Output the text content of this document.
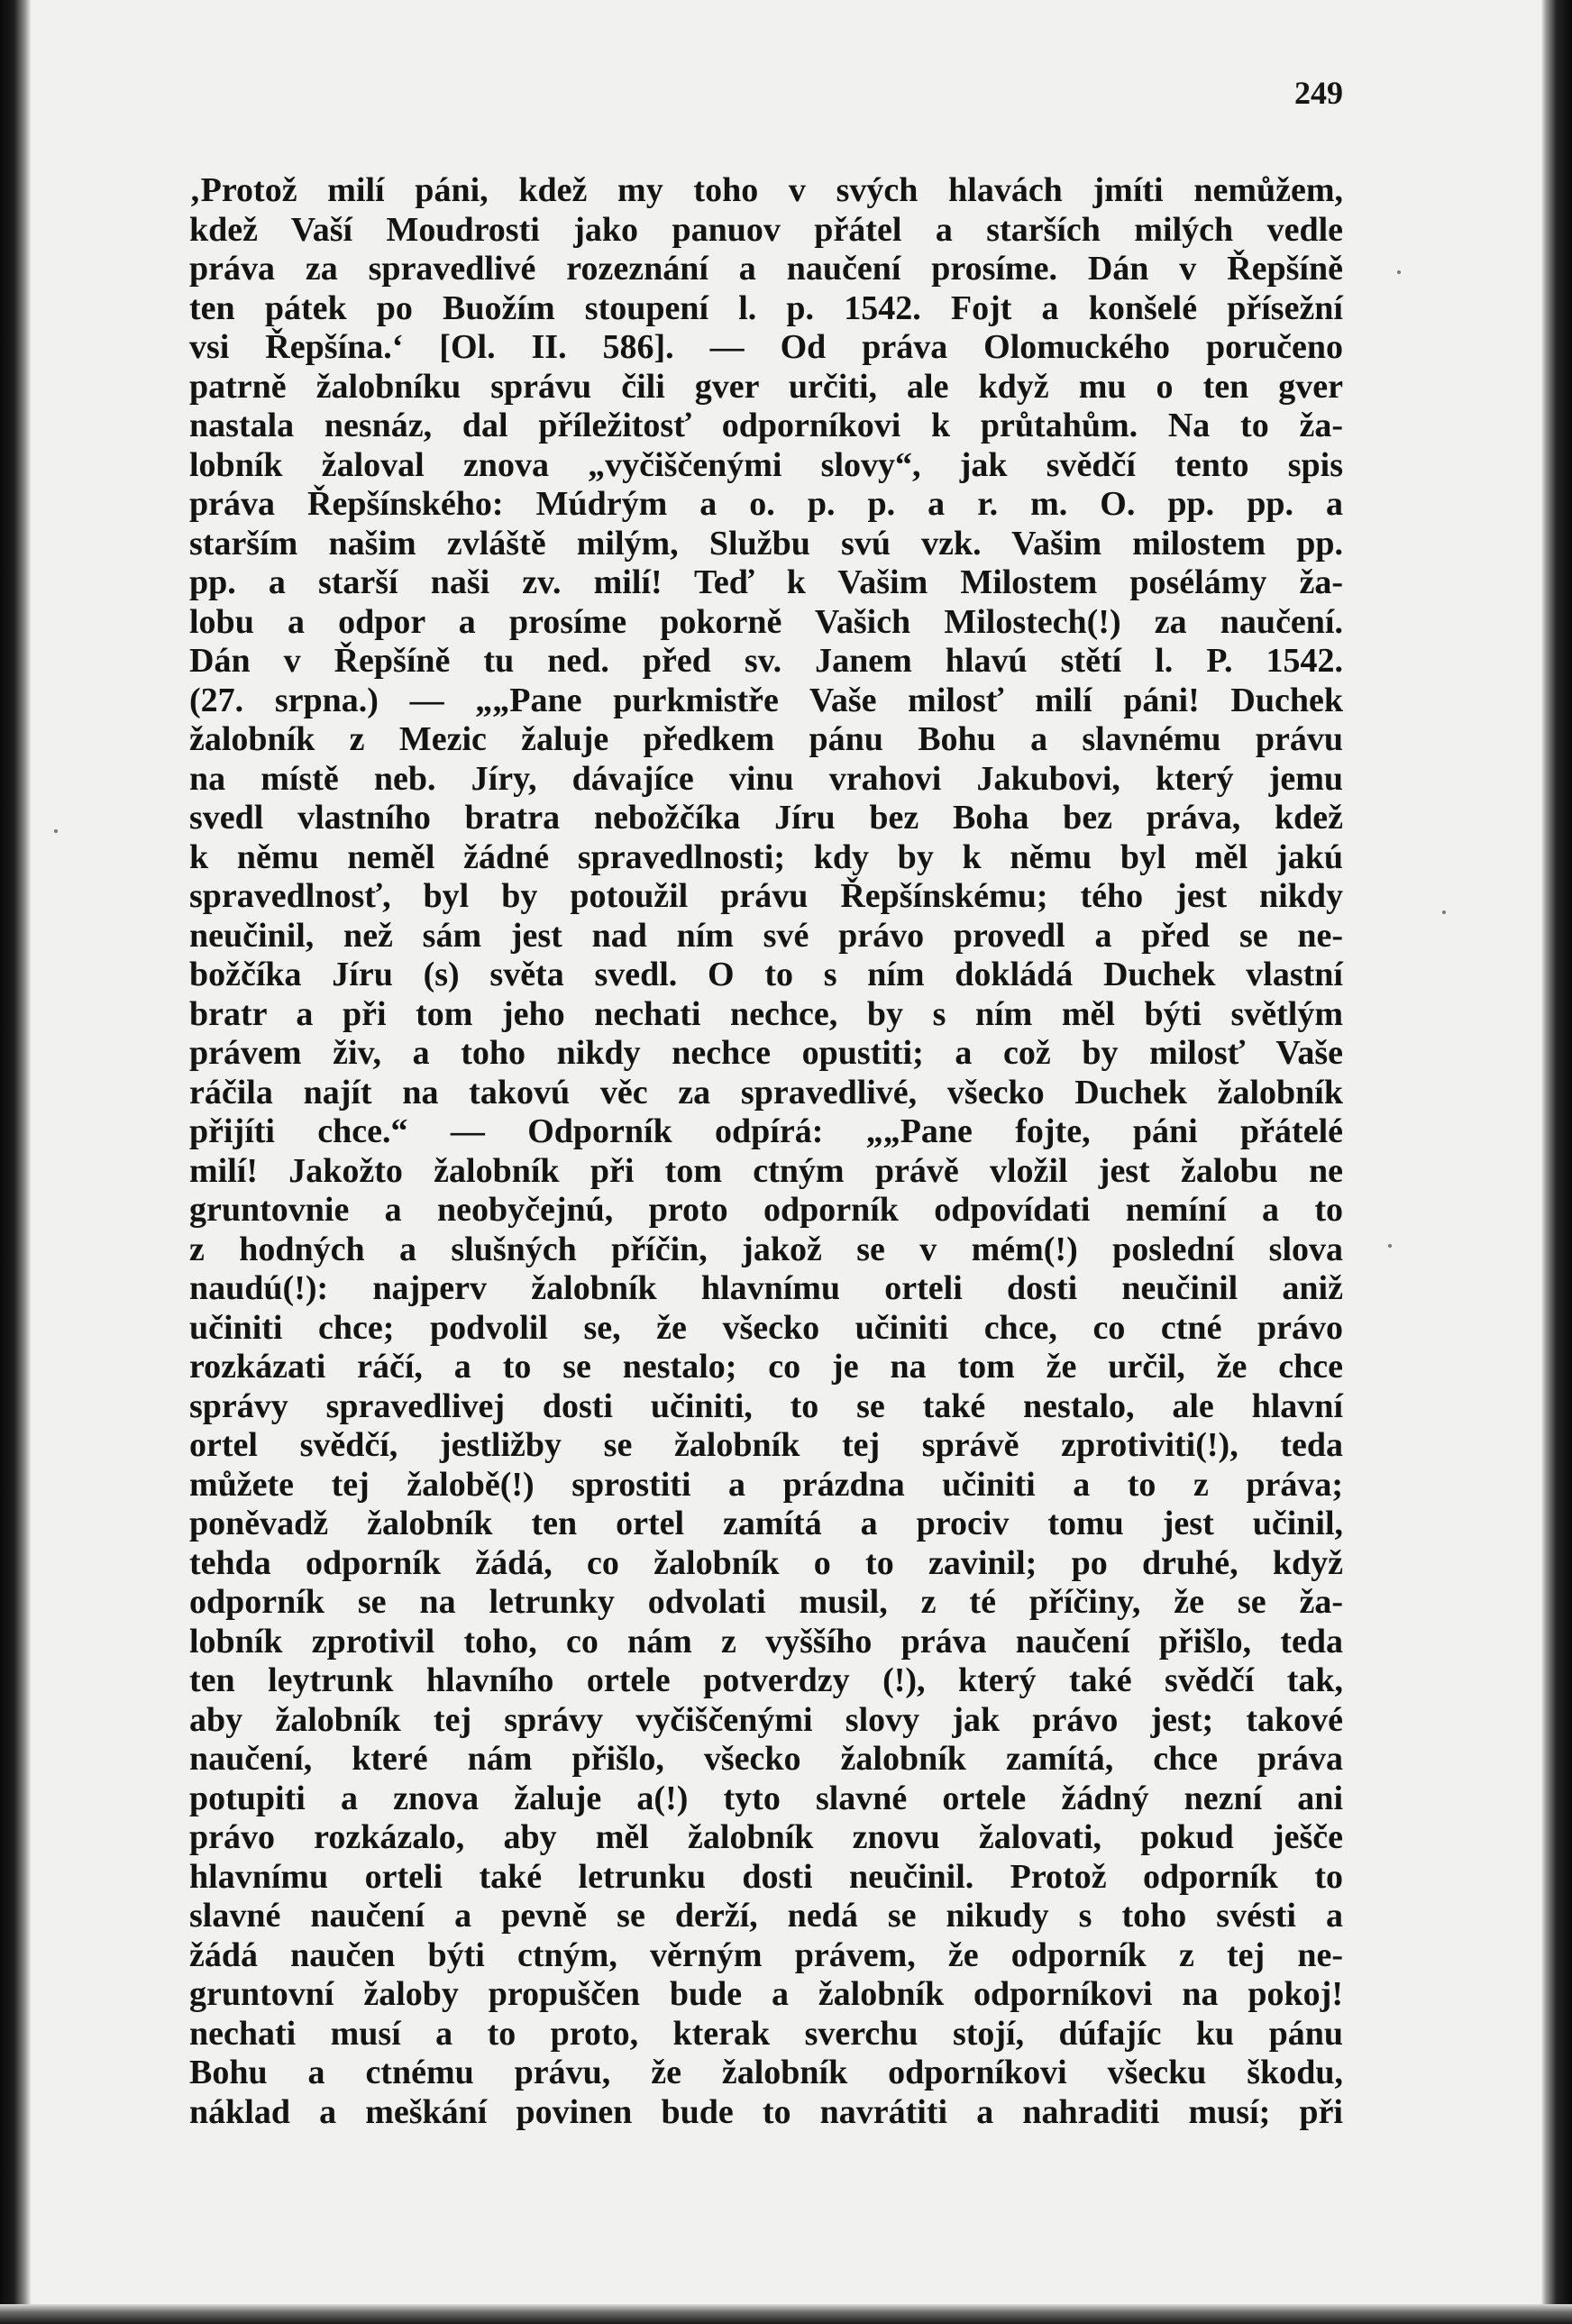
249
‚Protož milí páni, kdež my toho v svých hlavách jmíti nemůžem,
kdež Vaší Moudrosti jako panuov přátel a starších milých vedle
práva za spravedlivé rozeznání a naučení prosíme. Dán v Řepšíně
ten pátek po Buožím stoupení l. p. 1542. Fojt a konšelé přísežní
vsi Řepšína.‘ [Ol. II. 586]. — Od práva Olomuckého poručeno
patrně žalobníku správu čili gver určiti, ale když mu o ten gver
nastala nesnáz, dal příležitosť odporníkovi k průtahům. Na to ža-
lobník žaloval znova „vyčiščenými slovy“, jak svědčí tento spis
práva Řepšínského: Múdrým a o. p. p. a r. m. O. pp. pp. a
starším našim zvláště milým, Službu svú vzk. Vašim milostem pp.
pp. a starší naši zv. milí! Teď k Vašim Milostem posélámy ža-
lobu a odpor a prosíme pokorně Vašich Milostech(!) za naučení.
Dán v Řepšíně tu ned. před sv. Janem hlavú stětí l. P. 1542.
(27. srpna.) — „„Pane purkmistře Vaše milosť milí páni! Duchek
žalobník z Mezic žaluje předkem pánu Bohu a slavnému právu
na místě neb. Jíry, dávajíce vinu vrahovi Jakubovi, který jemu
svedl vlastního bratra nebožčíka Jíru bez Boha bez práva, kdež
k němu neměl žádné spravedlnosti; kdy by k němu byl měl jakú
spravedlnosť, byl by potoužil právu Řepšínskému; tého jest nikdy
neučinil, než sám jest nad ním své právo provedl a před se ne-
božčíka Jíru (s) světa svedl. O to s ním dokládá Duchek vlastní
bratr a při tom jeho nechati nechce, by s ním měl býti světlým
právem živ, a toho nikdy nechce opustiti; a což by milosť Vaše
ráčila najít na takovú věc za spravedlivé, všecko Duchek žalobník
přijíti chce.“ — Odporník odpírá: „„Pane fojte, páni přátelé
milí! Jakožto žalobník při tom ctným právě vložil jest žalobu ne
gruntovnie a neobyčejnú, proto odporník odpovídati nemíní a to
z hodných a slušných příčin, jakož se v mém(!) poslední slova
naudú(!): najperv žalobník hlavnímu orteli dosti neučinil aniž
učiniti chce; podvolil se, že všecko učiniti chce, co ctné právo
rozkázati ráčí, a to se nestalo; co je na tom že určil, že chce
správy spravedlivej dosti učiniti, to se také nestalo, ale hlavní
ortel svědčí, jestližby se žalobník tej správě zprotiviti(!), teda
můžete tej žalobě(!) sprostiti a prázdna učiniti a to z práva;
poněvadž žalobník ten ortel zamítá a prociv tomu jest učinil,
tehda odporník žádá, co žalobník o to zavinil; po druhé, když
odporník se na letrunky odvolati musil, z té příčiny, že se ža-
lobník zprotivil toho, co nám z vyššího práva naučení přišlo, teda
ten leytrunk hlavního ortele potverdzy (!), který také svědčí tak,
aby žalobník tej správy vyčiščenými slovy jak právo jest; takové
naučení, které nám přišlo, všecko žalobník zamítá, chce práva
potupiti a znova žaluje a(!) tyto slavné ortele žádný nezní ani
právo rozkázalo, aby měl žalobník znovu žalovati, pokud ješče
hlavnímu orteli také letrunku dosti neučinil. Protož odporník to
slavné naučení a pevně se derží, nedá se nikudy s toho svésti a
žádá naučen býti ctným, věrným právem, že odporník z tej ne-
gruntovní žaloby propuščen bude a žalobník odporníkovi na pokoj!
nechati musí a to proto, kterak sverchu stojí, dúfajíc ku pánu
Bohu a ctnému právu, že žalobník odporníkovi všecku škodu,
náklad a meškání povinen bude to navrátiti a nahraditi musí; při
